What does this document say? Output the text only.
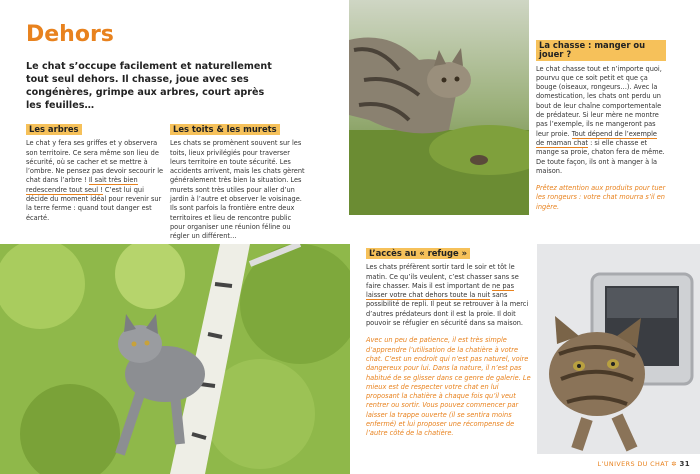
Dehors
Le chat s’occupe facilement et naturellement tout seul dehors. Il chasse, joue avec ses congénères, grimpe aux arbres, court après les feuilles…
Les arbres
Le chat y fera ses griffes et y observera son territoire. Ce sera même son lieu de sécurité, où se cacher et se mettre à l’ombre. Ne pensez pas devoir secourir le chat dans l’arbre ! Il sait très bien redescendre tout seul ! C’est lui qui décide du moment idéal pour revenir sur la terre ferme : quand tout danger est écarté.
Les toits & les murets
Les chats se promènent souvent sur les toits, lieux privilégiés pour traverser leurs territoire en toute sécurité. Les accidents arrivent, mais les chats gèrent généralement très bien la situation. Les murets sont très utiles pour aller d’un jardin à l’autre et observer le voisinage. Ils sont parfois la frontière entre deux territoires et lieu de rencontre public pour organiser une réunion féline ou régler un différent…
La chasse : manger ou jouer ?
Le chat chasse tout et n’importe quoi, pourvu que ce soit petit et que ça bouge (oiseaux, rongeurs…). Avec la domestication, les chats ont perdu un bout de leur chaîne comportementale de prédateur. Si leur mère ne montre pas l’exemple, ils ne mangeront pas leur proie. Tout dépend de l’exemple de maman chat : si elle chasse et mange sa proie, chaton fera de même. De toute façon, ils ont à manger à la maison.
Prêtez attention aux produits pour tuer les rongeurs : votre chat mourra s’il en ingère.
L’accès au « refuge »
Les chats préfèrent sortir tard le soir et tôt le matin. Ce qu’ils veulent, c’est chasser sans se faire chasser. Mais il est important de ne pas laisser votre chat dehors toute la nuit sans possibilité de repli. Il peut se retrouver à la merci d’autres prédateurs dont il est la proie. Il doit pouvoir se réfugier en sécurité dans sa maison.
Avec un peu de patience, il est très simple d’apprendre l’utilisation de la chatière à votre chat. C’est un endroit qui n’est pas naturel, voire dangereux pour lui. Dans la nature, il n’est pas habitué de se glisser dans ce genre de galerie. Le mieux est de respecter votre chat en lui proposant la chatière à chaque fois qu’il veut rentrer ou sortir. Vous pouvez commencer par laisser la trappe ouverte (il se sentira moins enfermé) et lui proposer une récompense de l’autre côté de la chatière.
L’UNIVERS DU CHAT ✲ 31
